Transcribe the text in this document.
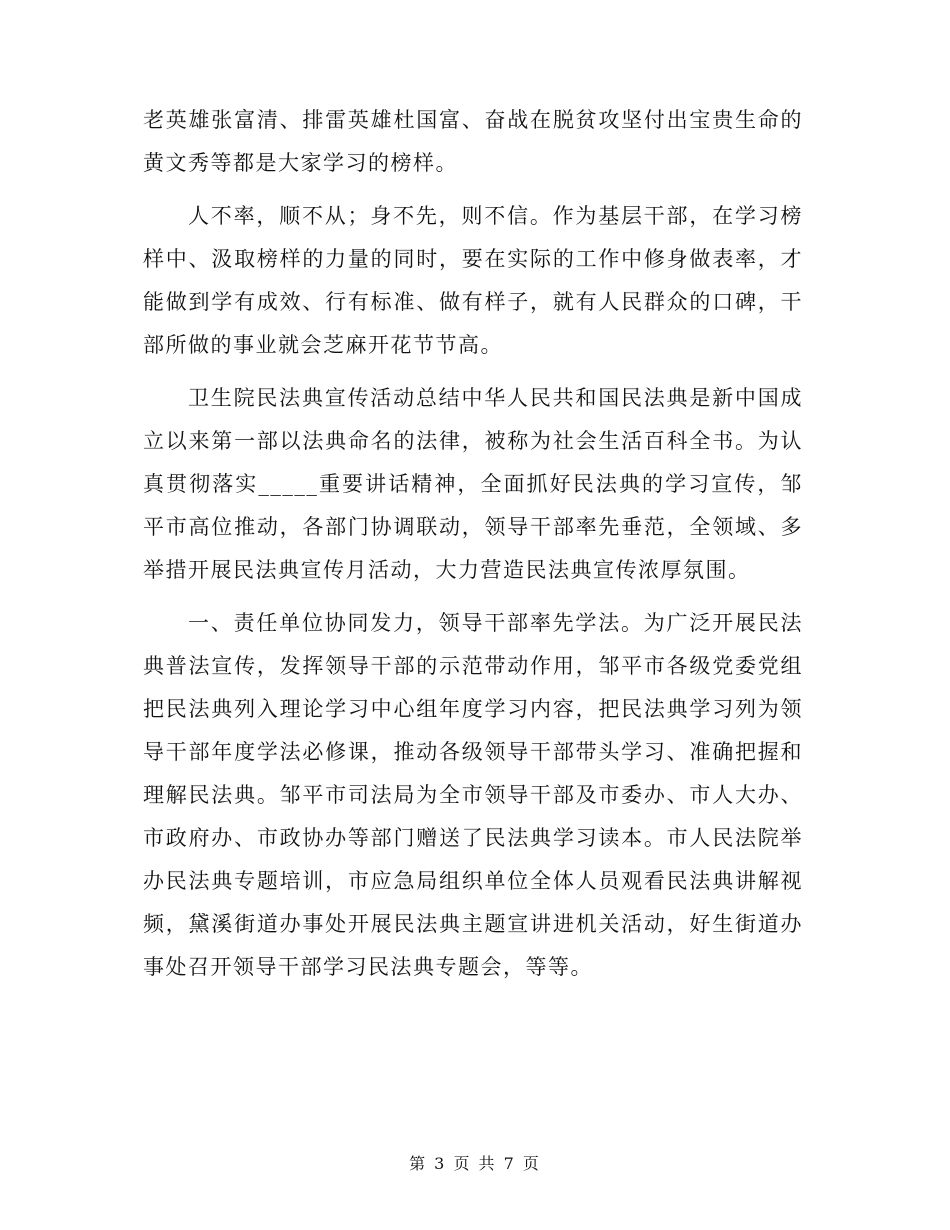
老英雄张富清、排雷英雄杜国富、奋战在脱贫攻坚付出宝贵生命的黄文秀等都是大家学习的榜样。

人不率，顺不从；身不先，则不信。作为基层干部，在学习榜样中、汲取榜样的力量的同时，要在实际的工作中修身做表率，才能做到学有成效、行有标准、做有样子，就有人民群众的口碑，干部所做的事业就会芝麻开花节节高。

卫生院民法典宣传活动总结中华人民共和国民法典是新中国成立以来第一部以法典命名的法律，被称为社会生活百科全书。为认真贯彻落实_____重要讲话精神，全面抓好民法典的学习宣传，邹平市高位推动，各部门协调联动，领导干部率先垂范，全领域、多举措开展民法典宣传月活动，大力营造民法典宣传浓厚氛围。

一、责任单位协同发力，领导干部率先学法。为广泛开展民法典普法宣传，发挥领导干部的示范带动作用，邹平市各级党委党组把民法典列入理论学习中心组年度学习内容，把民法典学习列为领导干部年度学法必修课，推动各级领导干部带头学习、准确把握和理解民法典。邹平市司法局为全市领导干部及市委办、市人大办、市政府办、市政协办等部门赠送了民法典学习读本。市人民法院举办民法典专题培训，市应急局组织单位全体人员观看民法典讲解视频，黛溪街道办事处开展民法典主题宣讲进机关活动，好生街道办事处召开领导干部学习民法典专题会，等等。

第 3 页 共 7 页
